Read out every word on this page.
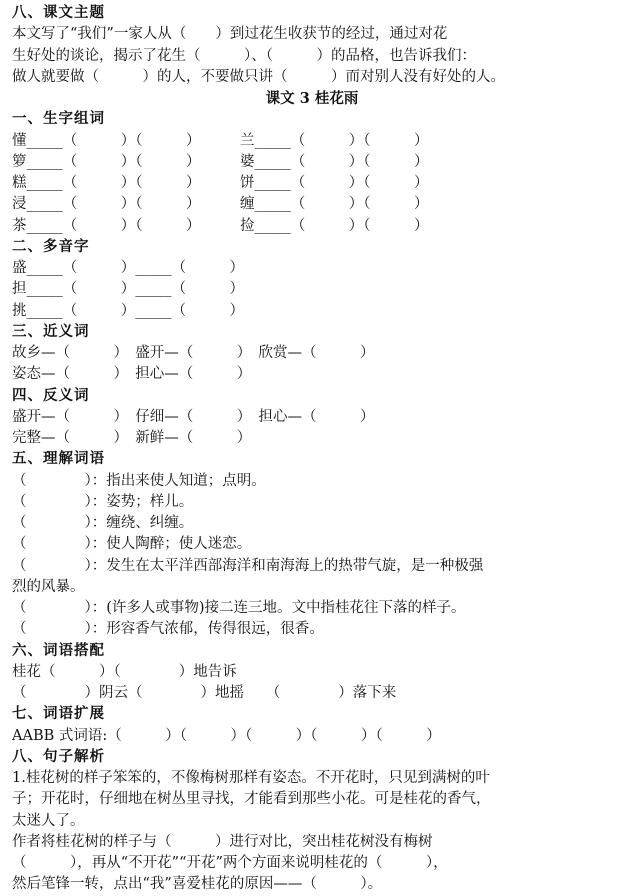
八、课文主题
本文写了“我们”一家人从（　　）到过花生收获节的经过，通过对花
生好处的谈论，揭示了花生（　　　）、（　　　）的品格，也告诉我们：
做人就要做（　　　）的人，不要做只讲（　　　）而对别人没有好处的人。
课文 3 桂花雨
一、生字组词
懂_____（　　　）（　　　）	兰_____（　　　）（　　　）
箩_____（　　　）（　　　）	婆_____（　　　）（　　　）
糕_____（　　　）（　　　）	饼_____（　　　）（　　　）
浸_____（　　　）（　　　）	缠_____（　　　）（　　　）
茶_____（　　　）（　　　）	捡_____（　　　）（　　　）
二、多音字
盛_____（　　　）_____（　　　）
担_____（　　　）_____（　　　）
挑_____（　　　）_____（　　　）
三、近义词
故乡—（　　　）　盛开—（　　　）　欣赏—（　　　）
姿态—（　　　）　担心—（　　　）
四、反义词
盛开—（　　　）　仔细—（　　　）　担心—（　　　）
完整—（　　　）　新鲜—（　　　）
五、理解词语
（　　　　）：指出来使人知道；点明。
（　　　　）：姿势；样儿。
（　　　　）：缠绕、纠缠。
（　　　　）：使人陶醉；使人迷恋。
（　　　　）：发生在太平洋西部海洋和南海海上的热带气旋，是一种极强
烈的风暴。
（　　　　）：(许多人或事物)接二连三地。文中指桂花往下落的样子。
（　　　　）：形容香气浓郁，传得很远，很香。
六、词语搭配
桂花（　　　）（　　　　）地告诉
（　　　　）阴云（　　　　）地摇　　（　　　　）落下来
七、词语扩展
AABB 式词语:（　　　）（　　　）（　　　）（　　　）（　　　）
八、句子解析
1.桂花树的样子笨笨的，不像梅树那样有姿态。不开花时，只见到满树的叶
子；开花时，仔细地在树丛里寻找，才能看到那些小花。可是桂花的香气，
太迷人了。
作者将桂花树的样子与（　　　）进行对比，突出桂花树没有梅树
（　　　），再从“不开花”“开花”两个方面来说明桂花的（　　　），
然后笔锋一转，点出“我”喜爱桂花的原因——（　　　）。
